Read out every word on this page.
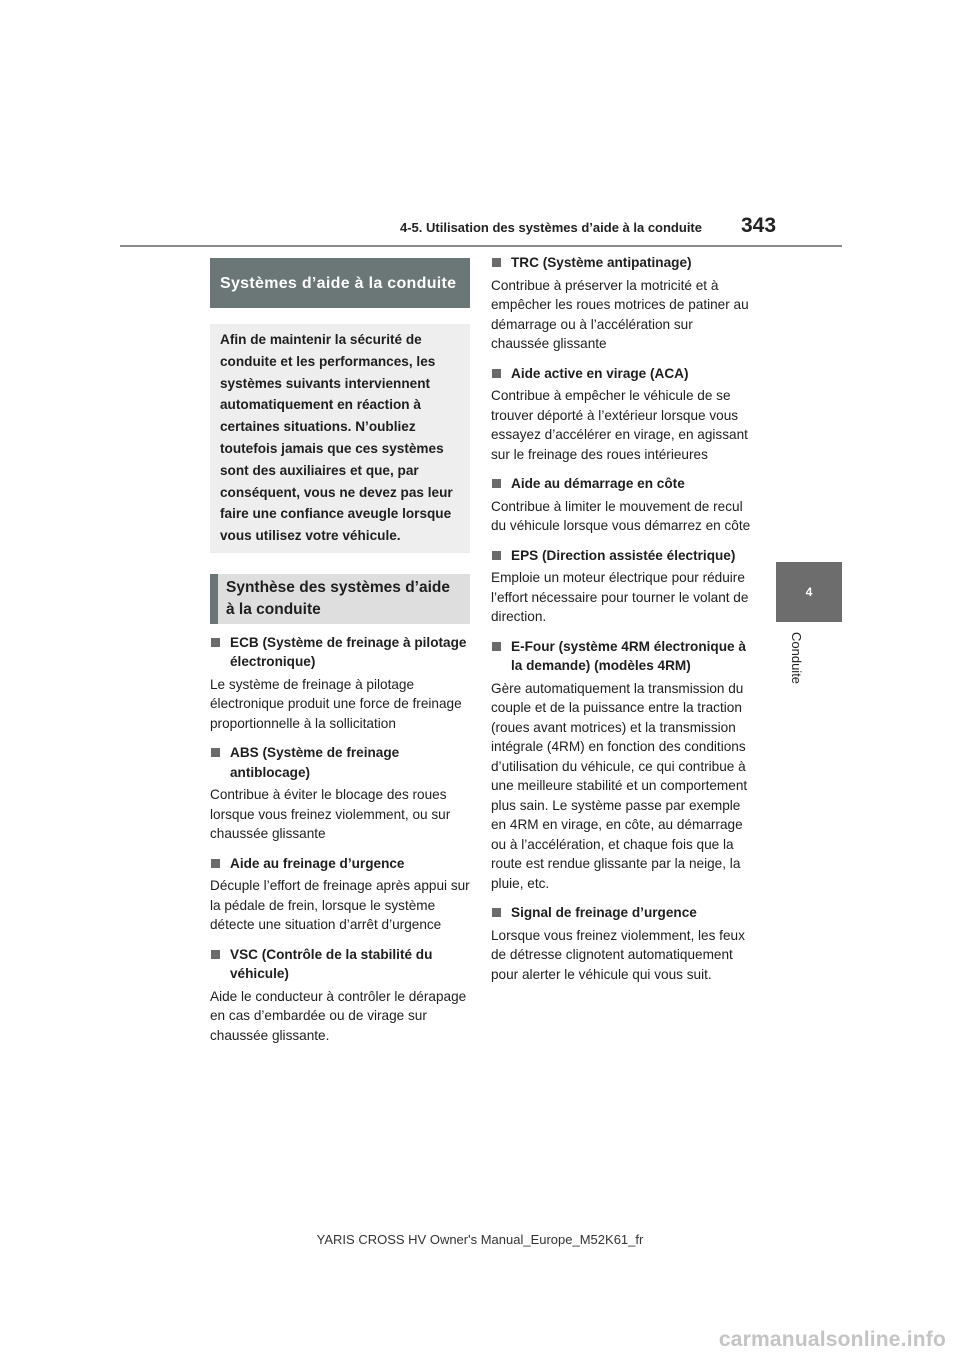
4-5. Utilisation des systèmes d’aide à la conduite 343
4
Conduite
Systèmes d’aide à la conduite
Afin de maintenir la sécurité de conduite et les performances, les systèmes suivants interviennent automatiquement en réaction à certaines situations. N’oubliez toutefois jamais que ces systèmes sont des auxiliaires et que, par conséquent, vous ne devez pas leur faire une confiance aveugle lorsque vous utilisez votre véhicule.
Synthèse des systèmes d’aide à la conduite
ECB (Système de freinage à pilotage électronique)
Le système de freinage à pilotage électronique produit une force de freinage proportionnelle à la sollicitation
ABS (Système de freinage antiblocage)
Contribue à éviter le blocage des roues lorsque vous freinez violemment, ou sur chaussée glissante
Aide au freinage d’urgence
Décuple l’effort de freinage après appui sur la pédale de frein, lorsque le système détecte une situation d’arrêt d’urgence
VSC (Contrôle de la stabilité du véhicule)
Aide le conducteur à contrôler le dérapage en cas d’embardée ou de virage sur chaussée glissante.
TRC (Système antipatinage)
Contribue à préserver la motricité et à empêcher les roues motrices de patiner au démarrage ou à l’accélération sur chaussée glissante
Aide active en virage (ACA)
Contribue à empêcher le véhicule de se trouver déporté à l’extérieur lorsque vous essayez d’accélérer en virage, en agissant sur le freinage des roues intérieures
Aide au démarrage en côte
Contribue à limiter le mouvement de recul du véhicule lorsque vous démarrez en côte
EPS (Direction assistée électrique)
Emploie un moteur électrique pour réduire l’effort nécessaire pour tourner le volant de direction.
E-Four (système 4RM électronique à la demande) (modèles 4RM)
Gère automatiquement la transmission du couple et de la puissance entre la traction (roues avant motrices) et la transmission intégrale (4RM) en fonction des conditions d’utilisation du véhicule, ce qui contribue à une meilleure stabilité et un comportement plus sain. Le système passe par exemple en 4RM en virage, en côte, au démarrage ou à l’accélération, et chaque fois que la route est rendue glissante par la neige, la pluie, etc.
Signal de freinage d’urgence
Lorsque vous freinez violemment, les feux de détresse clignotent automatiquement pour alerter le véhicule qui vous suit.
YARIS CROSS HV Owner's Manual_Europe_M52K61_fr
carmanualsonline.info
